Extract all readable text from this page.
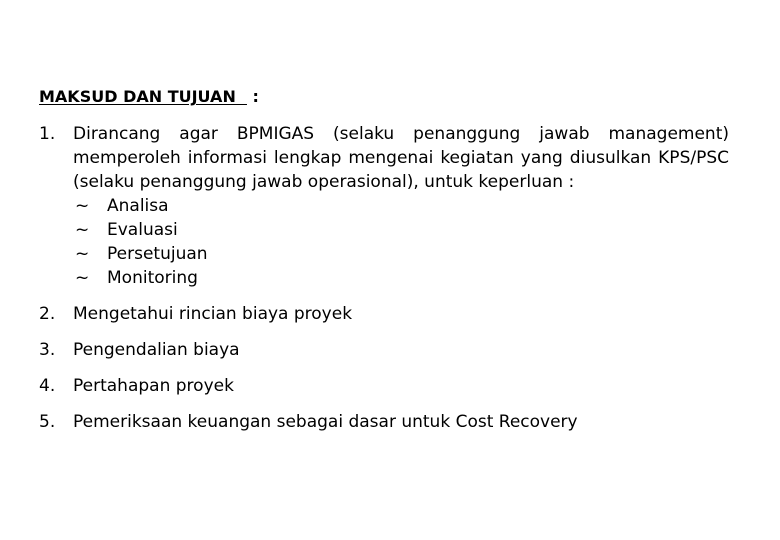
MAKSUD DAN TUJUAN   :
1. Dirancang agar BPMIGAS (selaku penanggung jawab management) memperoleh informasi lengkap mengenai kegiatan yang diusulkan KPS/PSC (selaku penanggung jawab operasional), untuk keperluan :
~ Analisa
~ Evaluasi
~ Persetujuan
~ Monitoring
2. Mengetahui rincian biaya proyek
3. Pengendalian biaya
4. Pertahapan proyek
5. Pemeriksaan keuangan sebagai dasar untuk Cost Recovery
